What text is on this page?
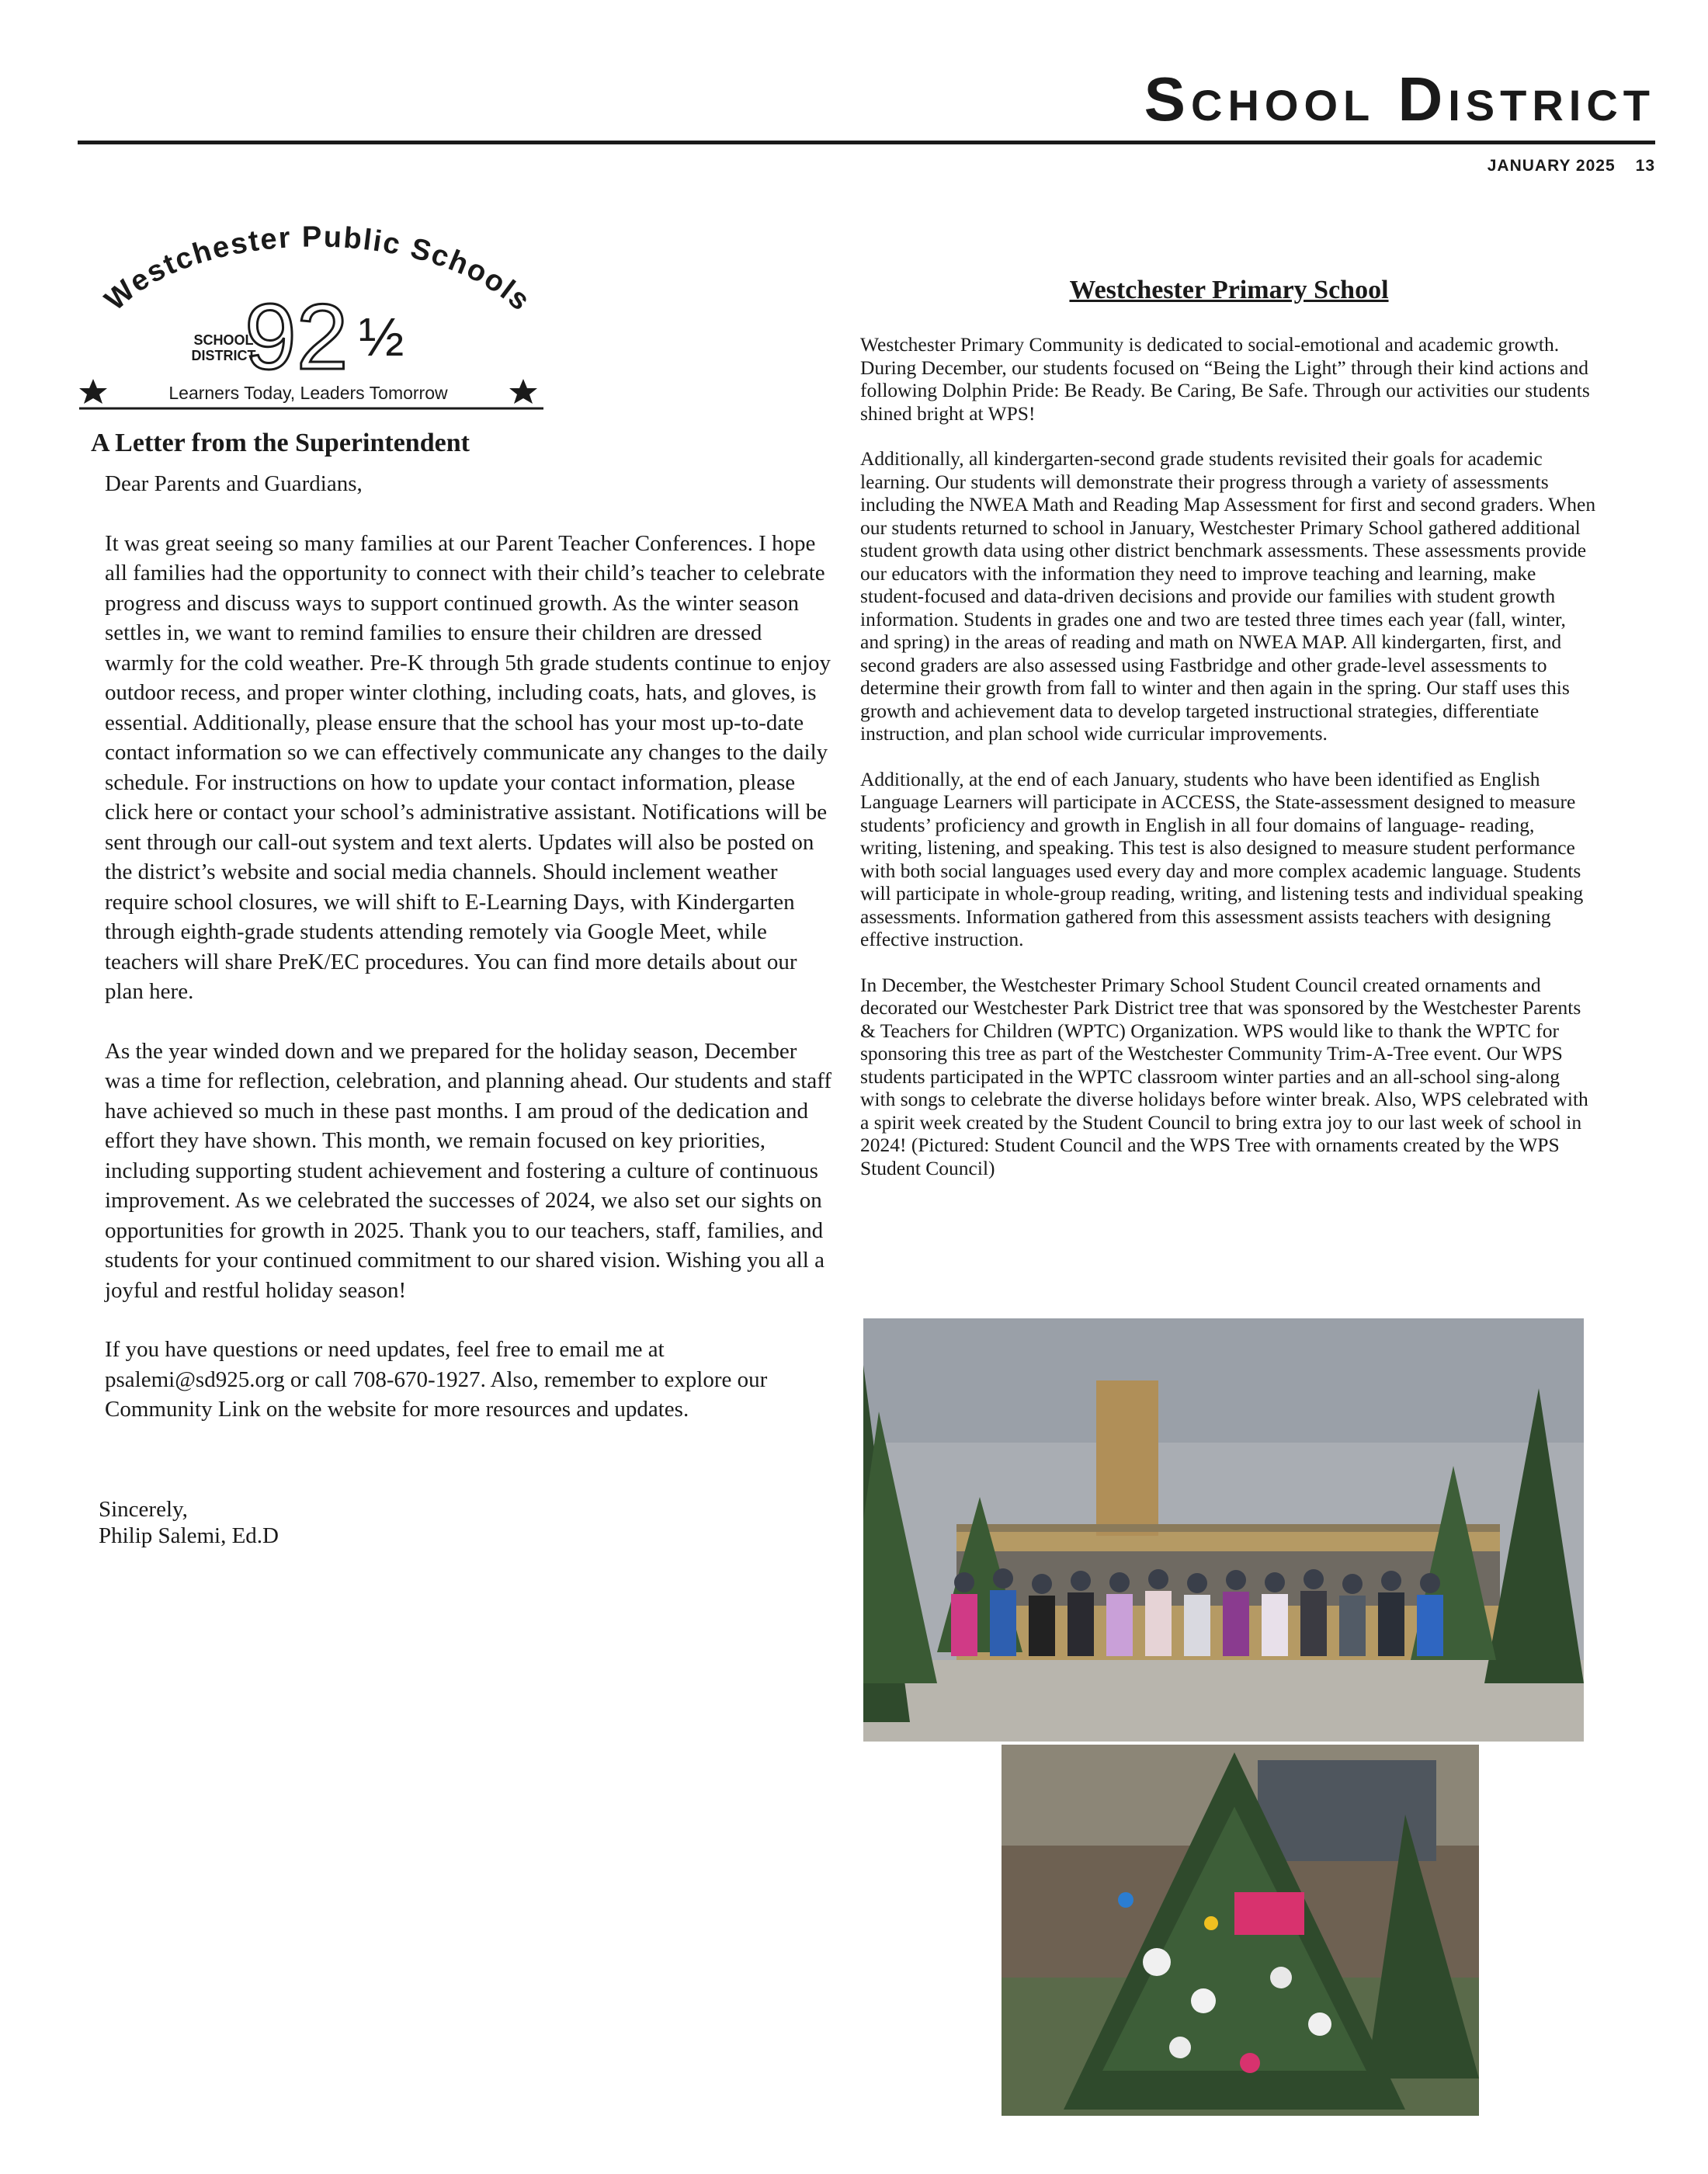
School District
JANUARY 2025 13
Westchester Public Schools
SCHOOL
DISTRICT
92 ½
Learners Today, Leaders Tomorrow
A Letter from the Superintendent

Dear Parents and Guardians,

It was great seeing so many families at our Parent Teacher Conferences. I hope all families had the opportunity to connect with their child’s teacher to celebrate progress and discuss ways to support continued growth. As the winter season settles in, we want to remind families to ensure their children are dressed warmly for the cold weather. Pre-K through 5th grade students continue to enjoy outdoor recess, and proper winter clothing, including coats, hats, and gloves, is essential. Additionally, please ensure that the school has your most up-to-date contact information so we can effectively communicate any changes to the daily schedule. For instructions on how to update your contact information, please click here or contact your school’s administrative assistant. Notifications will be sent through our call-out system and text alerts. Updates will also be posted on the district’s website and social media channels. Should inclement weather require school closures, we will shift to E-Learning Days, with Kindergarten through eighth-grade students attending remotely via Google Meet, while teachers will share PreK/EC procedures. You can find more details about our plan here.

As the year winded down and we prepared for the holiday season, December was a time for reflection, celebration, and planning ahead. Our students and staff have achieved so much in these past months. I am proud of the dedication and effort they have shown. This month, we remain focused on key priorities, including supporting student achievement and fostering a culture of continuous improvement. As we celebrated the successes of 2024, we also set our sights on opportunities for growth in 2025. Thank you to our teachers, staff, families, and students for your continued commitment to our shared vision. Wishing you all a joyful and restful holiday season!

If you have questions or need updates, feel free to email me at psalemi@sd925.org or call 708-670-1927. Also, remember to explore our Community Link on the website for more resources and updates.

Sincerely,
Philip Salemi, Ed.D
Westchester Primary School

Westchester Primary Community is dedicated to social-emotional and academic growth. During December, our students focused on “Being the Light” through their kind actions and following Dolphin Pride: Be Ready. Be Caring, Be Safe. Through our activities our students shined bright at WPS!

Additionally, all kindergarten-second grade students revisited their goals for academic learning. Our students will demonstrate their progress through a variety of assessments including the NWEA Math and Reading Map Assessment for first and second graders. When our students returned to school in January, Westchester Primary School gathered additional student growth data using other district benchmark assessments. These assessments provide our educators with the information they need to improve teaching and learning, make student-focused and data-driven decisions and provide our families with student growth information. Students in grades one and two are tested three times each year (fall, winter, and spring) in the areas of reading and math on NWEA MAP. All kindergarten, first, and second graders are also assessed using Fastbridge and other grade-level assessments to determine their growth from fall to winter and then again in the spring. Our staff uses this growth and achievement data to develop targeted instructional strategies, differentiate instruction, and plan school wide curricular improvements.

Additionally, at the end of each January, students who have been identified as English Language Learners will participate in ACCESS, the State-assessment designed to measure students’ proficiency and growth in English in all four domains of language- reading, writing, listening, and speaking. This test is also designed to measure student performance with both social languages used every day and more complex academic language. Students will participate in whole-group reading, writing, and listening tests and individual speaking assessments. Information gathered from this assessment assists teachers with designing effective instruction.

In December, the Westchester Primary School Student Council created ornaments and decorated our Westchester Park District tree that was sponsored by the Westchester Parents & Teachers for Children (WPTC) Organization. WPS would like to thank the WPTC for sponsoring this tree as part of the Westchester Community Trim-A-Tree event. Our WPS students participated in the WPTC classroom winter parties and an all-school sing-along with songs to celebrate the diverse holidays before winter break. Also, WPS celebrated with a spirit week created by the Student Council to bring extra joy to our last week of school in 2024! (Pictured: Student Council and the WPS Tree with ornaments created by the WPS Student Council)
